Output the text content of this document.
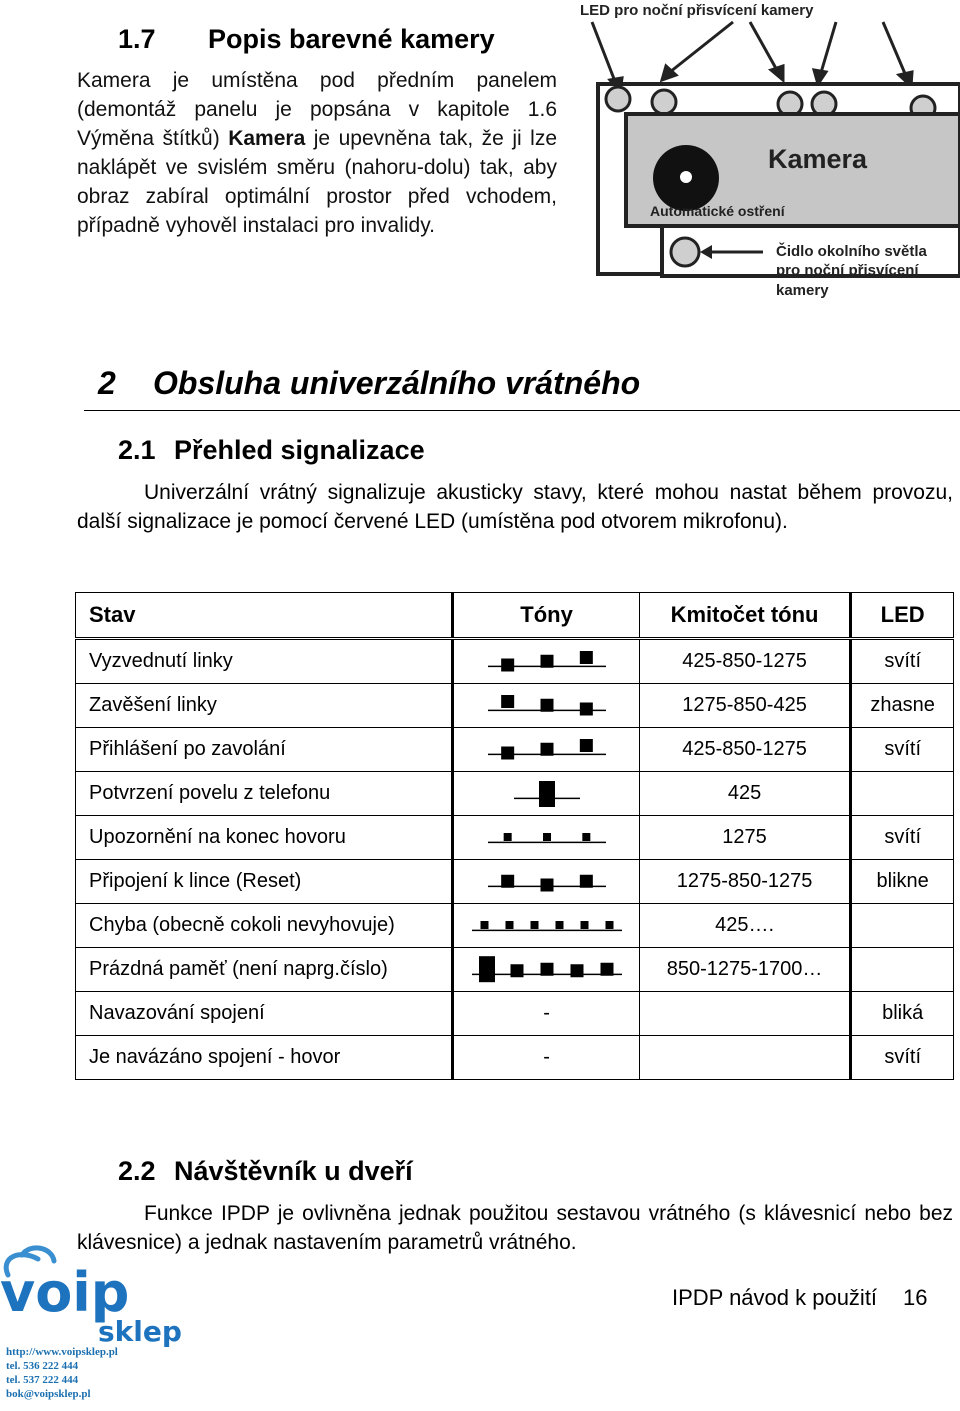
1.7 Popis barevné kamery
Kamera je umístěna pod předním panelem (demontáž panelu je popsána v kapitole 1.6 Výměna štítků) Kamera je upevněna tak, že ji lze naklápět ve svislém směru (nahoru-dolu) tak, aby obraz zabíral optimální prostor před vchodem, případně vyhověl instalaci pro invalidy.
LED pro noční přisvícení kamery
Kamera
Automatické ostření
Čidlo okolního světla
pro noční přisvícení
kamery
2 Obsluha univerzálního vrátného
2.1 Přehled signalizace
Univerzální vrátný signalizuje akusticky stavy, které mohou nastat během provozu, další signalizace je pomocí červené LED (umístěna pod otvorem mikrofonu).
Stav	Tóny	Kmitočet tónu	LED
Vyzvednutí linky		425-850-1275	svítí
Zavěšení linky		1275-850-425	zhasne
Přihlášení po zavolání		425-850-1275	svítí
Potvrzení povelu z telefonu		425	
Upozornění na konec hovoru		1275	svítí
Připojení k lince (Reset)		1275-850-1275	blikne
Chyba (obecně cokoli nevyhovuje)		425….	
Prázdná paměť (není naprg.číslo)		850-1275-1700…	
Navazování spojení	-		bliká
Je navázáno spojení - hovor	-		svítí
2.2 Návštěvník u dveří
Funkce IPDP je ovlivněna jednak použitou sestavou vrátného (s klávesnicí nebo bez klávesnice) a jednak nastavením parametrů vrátného.
IPDP návod k použití 16
voip
sklep
http://www.voipsklep.pl
tel. 536 222 444
tel. 537 222 444
bok@voipsklep.pl
